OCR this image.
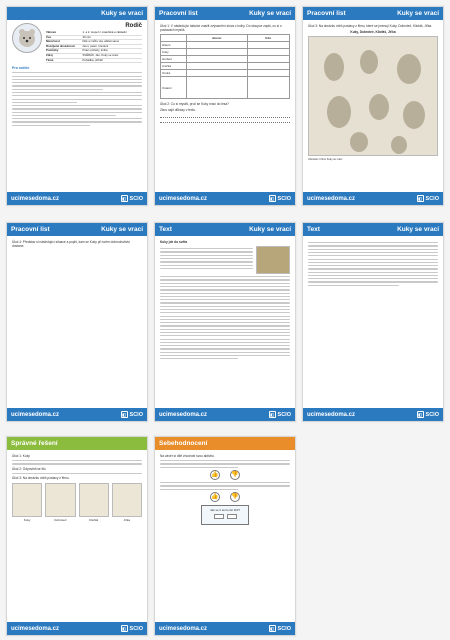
Kuky se vrací
Rodič
Věková	1. a 2. stupeň / mateřská a základní
Čas	30 min.
Náročnost	Dítě si může vše udělat samo
Rozvíjené dovednosti	čtení, psaní, kreslení
Pomůcky	Psací potřeby, kniha
Zdroj	SVĚRÁK, Jan. Kuky se vrací.
Téma	Pohádka, příběh
Pro rodiče
ucimesedoma.cz	◧ SCIO
Pracovní list	Kuky se vrací

Úkol 1: V následující tabulce značit zvýraznění slova z knihy. Do sloupce zapiš, co si o postavách myslíš.

	Jméno	Kdo
Hlavní		
Kuky		
Herbert		
Anička		
Ondra		
Ostatní		

Úkol 2: Co si myslíš, proč se Kuky vrací do lesa?

Zkus najít důkazy v textu.

ucimesedoma.cz	◧ SCIO
Pracovní list	Kuky se vrací

Úkol 3: Na obrázku vidíš postavy z filmu, které se jmenují Kuky, Dobroteč, Kliofáš, Jiťka.

Kuky, Dobroteč, Kliofáš, Jiťka

Obrázek z filmu Kuky se vrací

ucimesedoma.cz	◧ SCIO
Pracovní list	Kuky se vrací

Úkol 4: Představ si následující situace a popiš, kam se Kuky při svém dobrodružství dostane.

ucimesedoma.cz	◧ SCIO
Text	Kuky se vrací

Kuky jde do světa

ucimesedoma.cz	◧ SCIO
Text	Kuky se vrací
ucimesedoma.cz	◧ SCIO
Správné řešení

Úkol 1: Kuky

Úkol 2: Odpovědi se liší.

Úkol 3: Na obrázku vidíš postavy z filmu.

Kuky	Dobroteč	Kliofáš	Jiťka
ucimesedoma.cz	◧ SCIO
Sebehodnocení

Na závěr si dítě zhodnotí svou aktivitu.

👍 👎
👍 👎
Jak se ti tento list líbil?
ucimesedoma.cz	◧ SCIO
